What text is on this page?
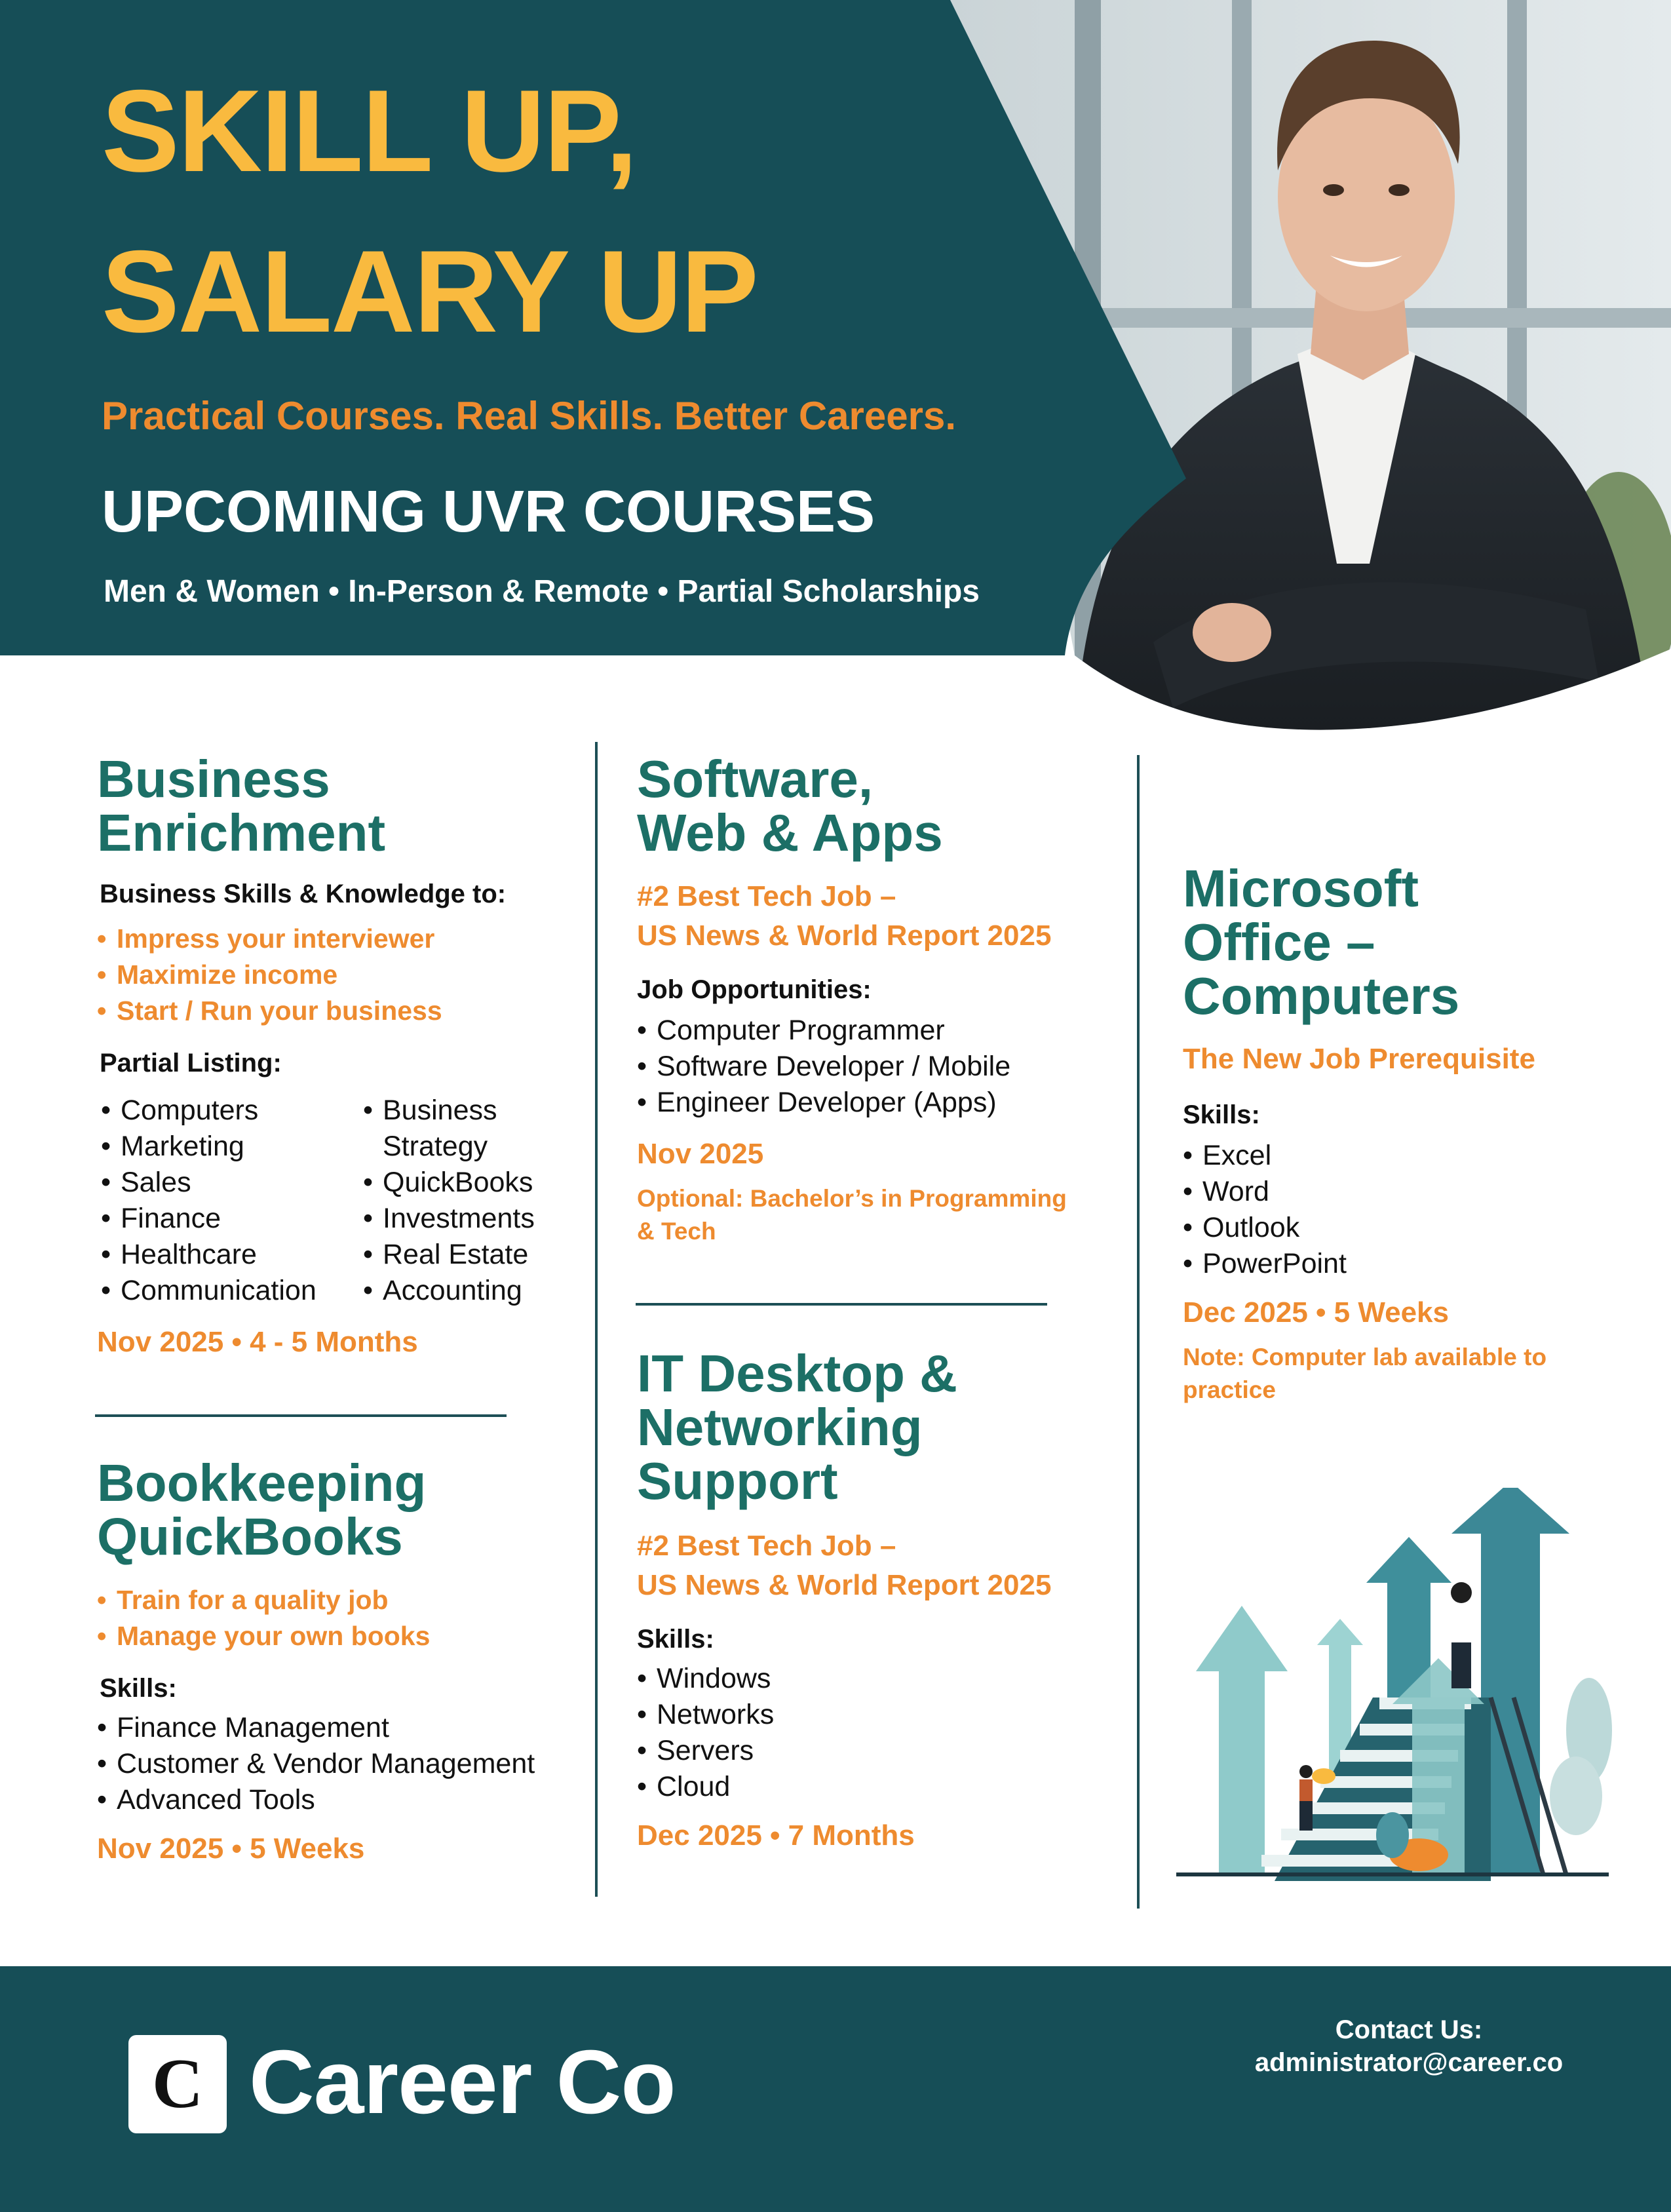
SKILL UP,
SALARY UP
Practical Courses. Real Skills. Better Careers.
UPCOMING UVR COURSES
Men & Women • In-Person & Remote • Partial Scholarships
Business
Enrichment
Business Skills & Knowledge to:
• Impress your interviewer
• Maximize income
• Start / Run your business
Partial Listing:
• Computers
• Marketing
• Sales
• Finance
• Healthcare
• Communication
• Business
Strategy
• QuickBooks
• Investments
• Real Estate
• Accounting
Nov 2025 • 4 - 5 Months
Bookkeeping
QuickBooks
• Train for a quality job
• Manage your own books
Skills:
• Finance Management
• Customer & Vendor Management
• Advanced Tools
Nov 2025 • 5 Weeks
Software,
Web & Apps
#2 Best Tech Job –
US News & World Report 2025
Job Opportunities:
• Computer Programmer
• Software Developer / Mobile
• Engineer Developer (Apps)
Nov 2025
Optional: Bachelor’s in Programming
& Tech
IT Desktop &
Networking
Support
#2 Best Tech Job –
US News & World Report 2025
Skills:
• Windows
• Networks
• Servers
• Cloud
Dec 2025 • 7 Months
Microsoft
Office –
Computers
The New Job Prerequisite
Skills:
• Excel
• Word
• Outlook
• PowerPoint
Dec 2025 • 5 Weeks
Note: Computer lab available to
practice
C Career Co
Contact Us:
administrator@career.co
